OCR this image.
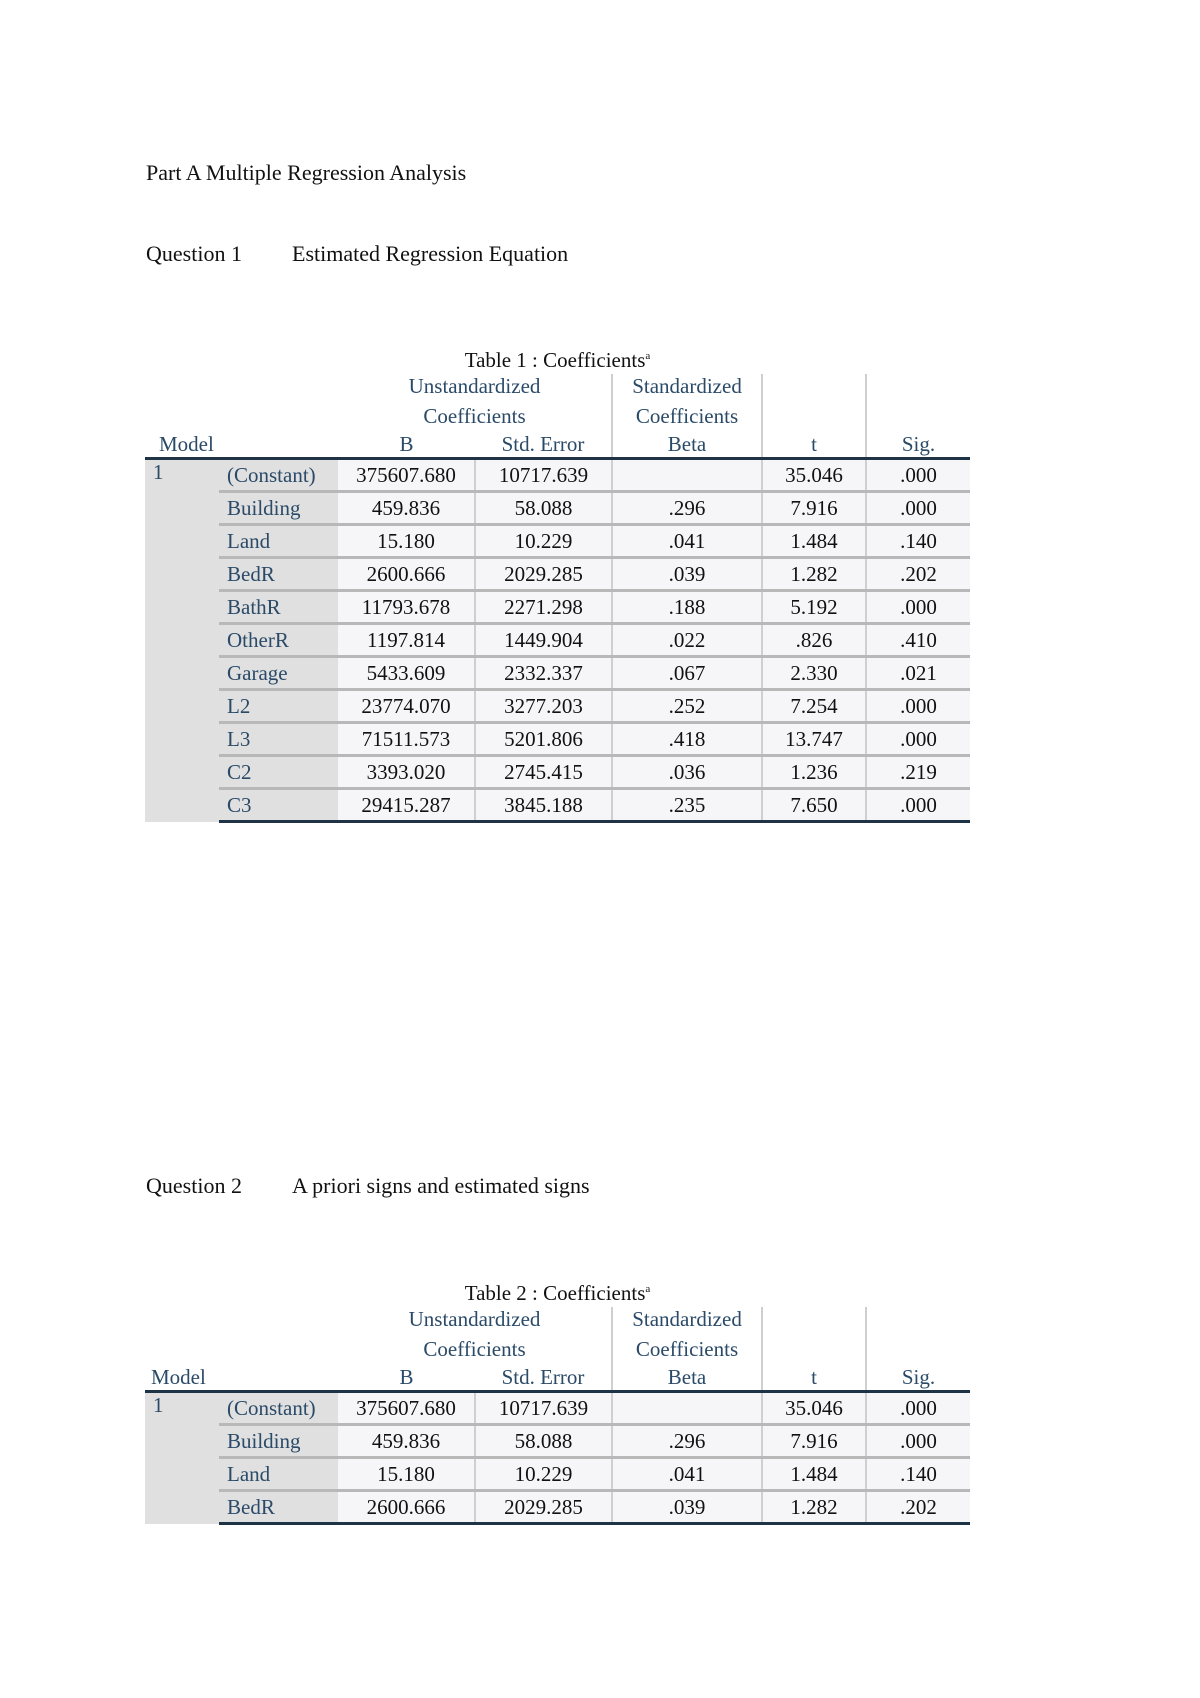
Part A Multiple Regression Analysis
Question 1 Estimated Regression Equation
Table 1 : Coefficients$^a$
		Unstandardized		Standardized		
		Coefficients		Coefficients		
Model		B	Std. Error	Beta	t	Sig.
1	(Constant)	375607.680	10717.639		35.046	.000
	Building	459.836	58.088	.296	7.916	.000
	Land	15.180	10.229	.041	1.484	.140
	BedR	2600.666	2029.285	.039	1.282	.202
	BathR	11793.678	2271.298	.188	5.192	.000
	OtherR	1197.814	1449.904	.022	.826	.410
	Garage	5433.609	2332.337	.067	2.330	.021
	L2	23774.070	3277.203	.252	7.254	.000
	L3	71511.573	5201.806	.418	13.747	.000
	C2	3393.020	2745.415	.036	1.236	.219
	C3	29415.287	3845.188	.235	7.650	.000
Question 2 A priori signs and estimated signs
Table 2 : Coefficients$^a$
		Unstandardized		Standardized		
		Coefficients		Coefficients		
Model		B	Std. Error	Beta	t	Sig.
1	(Constant)	375607.680	10717.639		35.046	.000
	Building	459.836	58.088	.296	7.916	.000
	Land	15.180	10.229	.041	1.484	.140
	BedR	2600.666	2029.285	.039	1.282	.202
